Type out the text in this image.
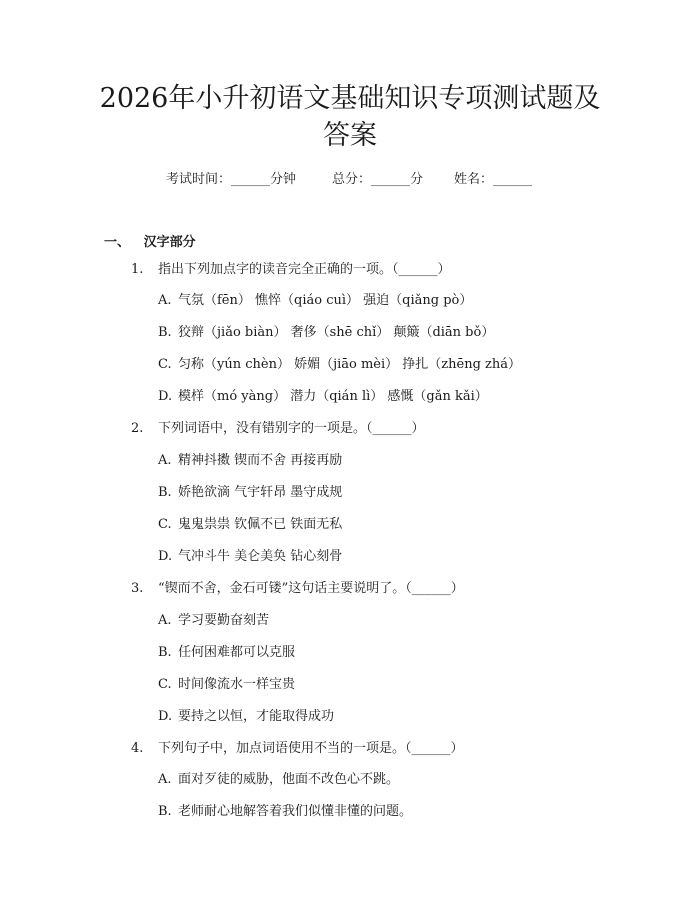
2026年小升初语文基础知识专项测试题及答案
考试时间：______分钟	总分：______分 姓名：______
一、   汉字部分
1. 指出下列加点字的读音完全正确的一项。（______）
A. 气氛（fēn） 憔悴（qiáo cuì） 强迫（qiǎng pò）
B. 狡辩（jiǎo biàn） 奢侈（shē chǐ） 颠簸（diān bǒ）
C. 匀称（yún chèn） 娇媚（jiāo mèi） 挣扎（zhēng zhá）
D. 模样（mó yàng） 潜力（qián lì） 感慨（gǎn kǎi）
2. 下列词语中，没有错别字的一项是。（______）
A. 精神抖擞 锲而不舍 再接再励
B. 娇艳欲滴 气宇轩昂 墨守成规
C. 鬼鬼祟祟 钦佩不已 铁面无私
D. 气冲斗牛 美仑美奂 钻心刻骨
3. “锲而不舍，金石可镂”这句话主要说明了。（______）
A. 学习要勤奋刻苦
B. 任何困难都可以克服
C. 时间像流水一样宝贵
D. 要持之以恒，才能取得成功
4. 下列句子中，加点词语使用不当的一项是。（______）
A. 面对歹徒的威胁，他面不改色心不跳。
B. 老师耐心地解答着我们似懂非懂的问题。
